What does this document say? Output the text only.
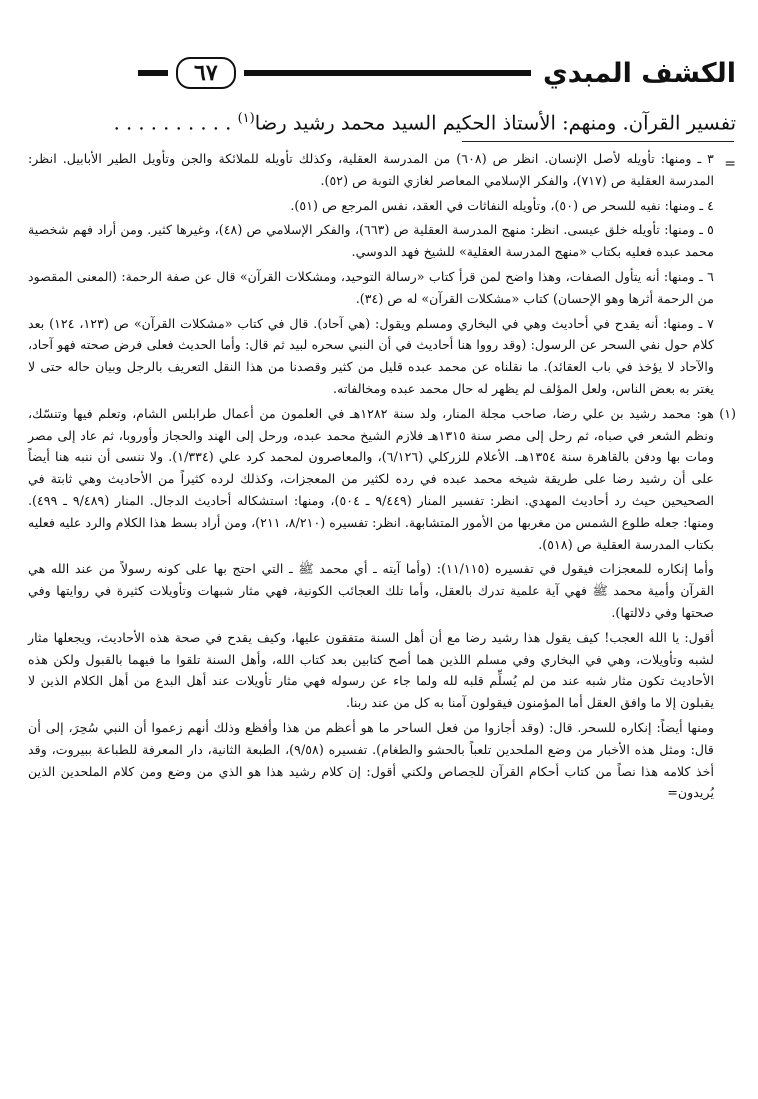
الكشف المبدي
٦٧
تفسير القرآن. ومنهم: الأستاذ الحكيم السيد محمد رشيد رضا$^{(١)}$ . . . . . . . . . .
=

٣ ـ ومنها: تأويله لأصل الإنسان. انظر ص (٦٠٨) من المدرسة العقلية، وكذلك تأويله للملائكة والجن وتأويل الطير الأبابيل. انظر: المدرسة العقلية ص (٧١٧)، والفكر الإسلامي المعاصر لغازي التوبة ص (٥٢).

٤ ـ ومنها: نفيه للسحر ص (٥٠)، وتأويله النفاثات في العقد، نفس المرجع ص (٥١).

٥ ـ ومنها: تأويله خلق عيسى. انظر: منهج المدرسة العقلية ص (٦٦٣)، والفكر الإسلامي ص (٤٨)، وغيرها كثير. ومن أراد فهم شخصية محمد عبده فعليه بكتاب «منهج المدرسة العقلية» للشيخ فهد الدوسي.

٦ ـ ومنها: أنه يتأول الصفات، وهذا واضح لمن قرأ كتاب «رسالة التوحيد، ومشكلات القرآن» قال عن صفة الرحمة: (المعنى المقصود من الرحمة أثرها وهو الإحسان) كتاب «مشكلات القرآن» له ص (٣٤).

٧ ـ ومنها: أنه يقدح في أحاديث وهي في البخاري ومسلم ويقول: (هي آحاد). قال في كتاب «مشكلات القرآن» ص (١٢٣، ١٢٤) بعد كلام حول نفي السحر عن الرسول: (وقد رووا هنا أحاديث في أن النبي سحره لبيد ثم قال: وأما الحديث فعلى فرض صحته فهو آحاد، والآحاد لا يؤخذ في باب العقائد). ما نقلناه عن محمد عبده قليل من كثير وقصدنا من هذا النقل التعريف بالرجل وبيان حاله حتى لا يغتر به بعض الناس، ولعل المؤلف لم يظهر له حال محمد عبده ومخالفاته.

(١)
هو: محمد رشيد بن علي رضا، صاحب مجلة المنار، ولد سنة ١٢٨٢هـ في العلمون من أعمال طرابلس الشام، وتعلم فيها وتنسّك، ونظم الشعر في صباه، ثم رحل إلى مصر سنة ١٣١٥هـ فلازم الشيخ محمد عبده، ورحل إلى الهند والحجاز وأوروبا، ثم عاد إلى مصر ومات بها ودفن بالقاهرة سنة ١٣٥٤هـ. الأعلام للزركلي (٦/١٢٦)، والمعاصرون لمحمد كرد علي (١/٣٣٤). ولا ننسى أن ننبه هنا أيضاً على أن رشيد رضا على طريقة شيخه محمد عبده في رده لكثير من المعجزات، وكذلك لرده كثيراً من الأحاديث وهي ثابتة في الصحيحين حيث رد أحاديث المهدي. انظر: تفسير المنار (٩/٤٤٩ ـ ٥٠٤)، ومنها: استشكاله أحاديث الدجال. المنار (٩/٤٨٩ ـ ٤٩٩). ومنها: جعله طلوع الشمس من مغربها من الأمور المتشابهة. انظر: تفسيره (٨/٢١٠، ٢١١)، ومن أراد بسط هذا الكلام والرد عليه فعليه بكتاب المدرسة العقلية ص (٥١٨).

وأما إنكاره للمعجزات فيقول في تفسيره (١١/١١٥): (وأما آيته ـ أي محمد ﷺ ـ التي احتج بها على كونه رسولاً من عند الله هي القرآن وأمية محمد ﷺ فهي آية علمية تدرك بالعقل، وأما تلك العجائب الكونية، فهي مثار شبهات وتأويلات كثيرة في روايتها وفي صحتها وفي دلالتها).

أقول: يا الله العجب! كيف يقول هذا رشيد رضا مع أن أهل السنة متفقون عليها، وكيف يقدح في صحة هذه الأحاديث، ويجعلها مثار لشبه وتأويلات، وهي في البخاري وفي مسلم اللذين هما أصح كتابين بعد كتاب الله، وأهل السنة تلقوا ما فيهما بالقبول ولكن هذه الأحاديث تكون مثار شبه عند من لم يُسلِّم قلبه لله ولما جاء عن رسوله فهي مثار تأويلات عند أهل البدع من أهل الكلام الذين لا يقبلون إلا ما وافق العقل أما المؤمنون فيقولون آمنا به كل من عند ربنا.

ومنها أيضاً: إنكاره للسحر. قال: (وقد أجازوا من فعل الساحر ما هو أعظم من هذا وأفظع وذلك أنهم زعموا أن النبي سُحِرَ، إلى أن قال: ومثل هذه الأخبار من وضع الملحدين تلعباً بالحشو والطغام). تفسيره (٩/٥٨)، الطبعة الثانية، دار المعرفة للطباعة ببيروت، وقد أخذ كلامه هذا نصاً من كتاب أحكام القرآن للجصاص ولكني أقول: إن كلام رشيد هذا هو الذي من وضع ومن كلام الملحدين الذين يُريدون=
